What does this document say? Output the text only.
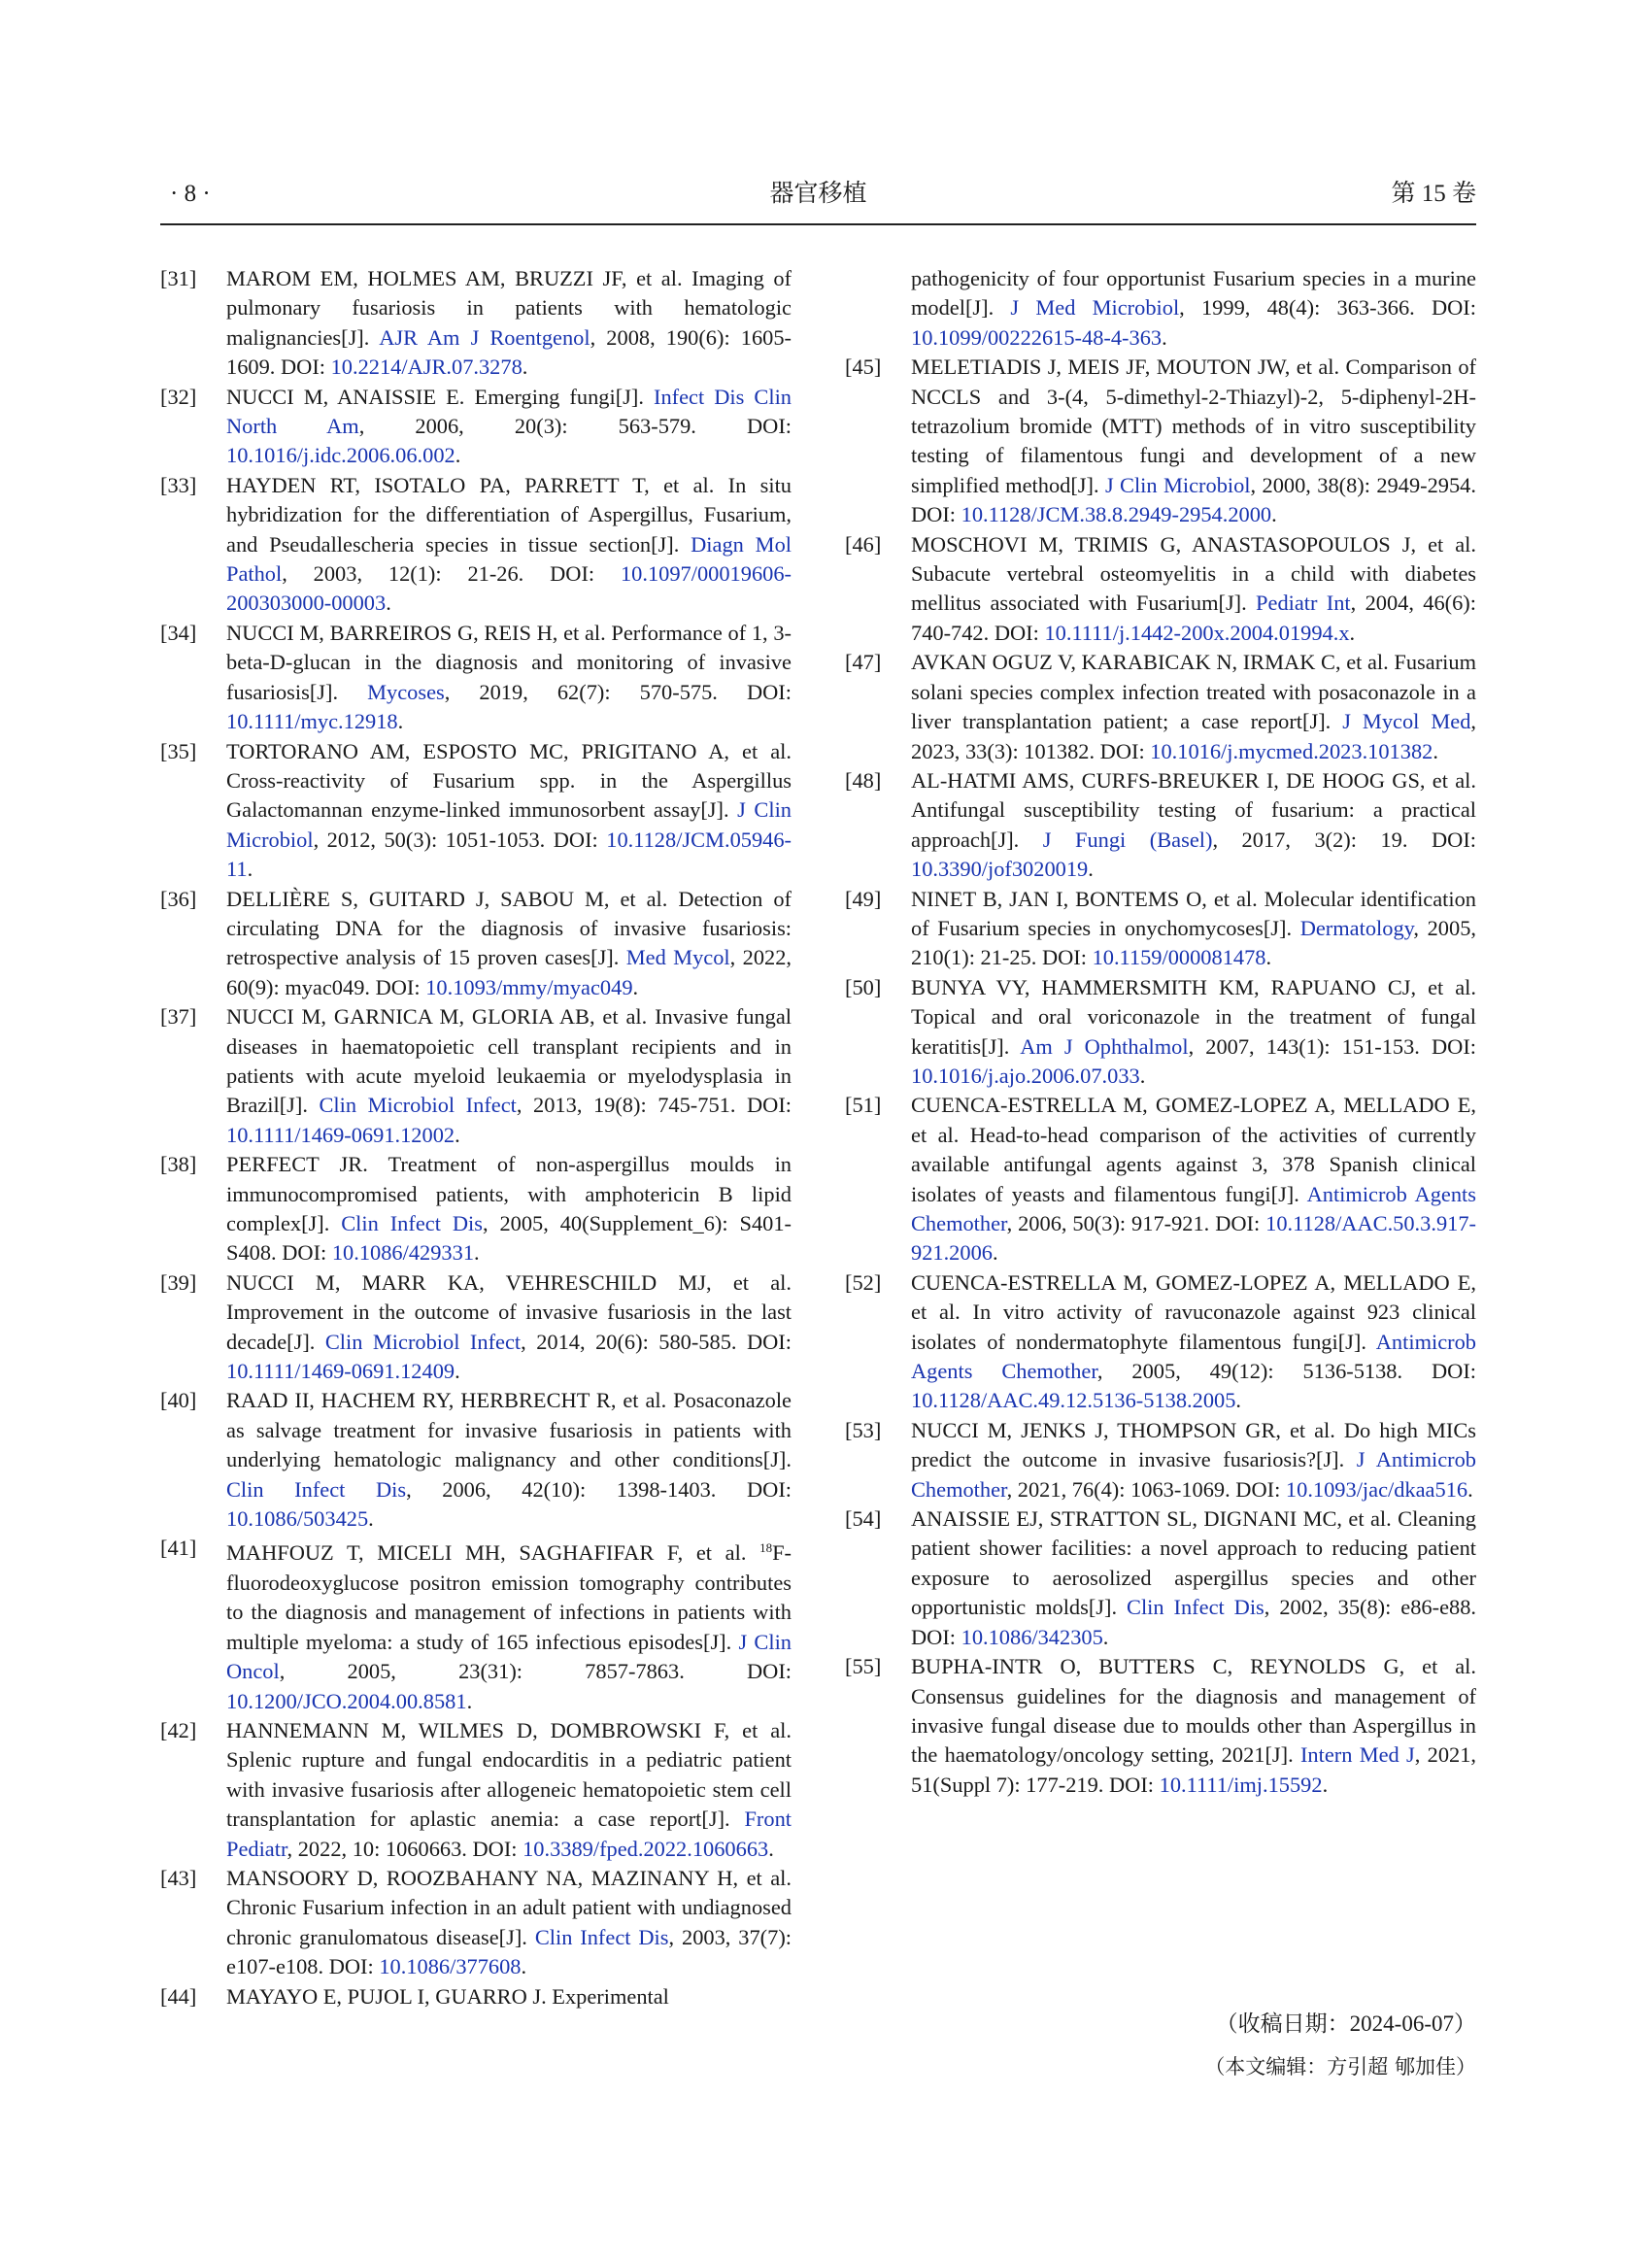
· 8 ·	器官移植	第 15 卷
[31] MAROM EM, HOLMES AM, BRUZZI JF, et al. Imaging of pulmonary fusariosis in patients with hematologic malignancies[J]. AJR Am J Roentgenol, 2008, 190(6): 1605-1609. DOI: 10.2214/AJR.07.3278.
[32] NUCCI M, ANAISSIE E. Emerging fungi[J]. Infect Dis Clin North Am, 2006, 20(3): 563-579. DOI: 10.1016/j.idc.2006.06.002.
[33] HAYDEN RT, ISOTALO PA, PARRETT T, et al. In situ hybridization for the differentiation of Aspergillus, Fusarium, and Pseudallescheria species in tissue section[J]. Diagn Mol Pathol, 2003, 12(1): 21-26. DOI: 10.1097/00019606-200303000-00003.
[34] NUCCI M, BARREIROS G, REIS H, et al. Performance of 1, 3-beta-D-glucan in the diagnosis and monitoring of invasive fusariosis[J]. Mycoses, 2019, 62(7): 570-575. DOI: 10.1111/myc.12918.
[35] TORTORANO AM, ESPOSTO MC, PRIGITANO A, et al. Cross-reactivity of Fusarium spp. in the Aspergillus Galactomannan enzyme-linked immunosorbent assay[J]. J Clin Microbiol, 2012, 50(3): 1051-1053. DOI: 10.1128/JCM.05946-11.
[36] DELLIÈRE S, GUITARD J, SABOU M, et al. Detection of circulating DNA for the diagnosis of invasive fusariosis: retrospective analysis of 15 proven cases[J]. Med Mycol, 2022, 60(9): myac049. DOI: 10.1093/mmy/myac049.
[37] NUCCI M, GARNICA M, GLORIA AB, et al. Invasive fungal diseases in haematopoietic cell transplant recipients and in patients with acute myeloid leukaemia or myelodysplasia in Brazil[J]. Clin Microbiol Infect, 2013, 19(8): 745-751. DOI: 10.1111/1469-0691.12002.
[38] PERFECT JR. Treatment of non-aspergillus moulds in immunocompromised patients, with amphotericin B lipid complex[J]. Clin Infect Dis, 2005, 40(Supplement_6): S401-S408. DOI: 10.1086/429331.
[39] NUCCI M, MARR KA, VEHRESCHILD MJ, et al. Improvement in the outcome of invasive fusariosis in the last decade[J]. Clin Microbiol Infect, 2014, 20(6): 580-585. DOI: 10.1111/1469-0691.12409.
[40] RAAD II, HACHEM RY, HERBRECHT R, et al. Posaconazole as salvage treatment for invasive fusariosis in patients with underlying hematologic malignancy and other conditions[J]. Clin Infect Dis, 2006, 42(10): 1398-1403. DOI: 10.1086/503425.
[41] MAHFOUZ T, MICELI MH, SAGHAFIFAR F, et al. $^{18}$F-fluorodeoxyglucose positron emission tomography contributes to the diagnosis and management of infections in patients with multiple myeloma: a study of 165 infectious episodes[J]. J Clin Oncol, 2005, 23(31): 7857-7863. DOI: 10.1200/JCO.2004.00.8581.
[42] HANNEMANN M, WILMES D, DOMBROWSKI F, et al. Splenic rupture and fungal endocarditis in a pediatric patient with invasive fusariosis after allogeneic hematopoietic stem cell transplantation for aplastic anemia: a case report[J]. Front Pediatr, 2022, 10: 1060663. DOI: 10.3389/fped.2022.1060663.
[43] MANSOORY D, ROOZBAHANY NA, MAZINANY H, et al. Chronic Fusarium infection in an adult patient with undiagnosed chronic granulomatous disease[J]. Clin Infect Dis, 2003, 37(7): e107-e108. DOI: 10.1086/377608.
[44] MAYAYO E, PUJOL I, GUARRO J. Experimental
pathogenicity of four opportunist Fusarium species in a murine model[J]. J Med Microbiol, 1999, 48(4): 363-366. DOI: 10.1099/00222615-48-4-363.
[45] MELETIADIS J, MEIS JF, MOUTON JW, et al. Comparison of NCCLS and 3-(4, 5-dimethyl-2-Thiazyl)-2, 5-diphenyl-2H-tetrazolium bromide (MTT) methods of in vitro susceptibility testing of filamentous fungi and development of a new simplified method[J]. J Clin Microbiol, 2000, 38(8): 2949-2954. DOI: 10.1128/JCM.38.8.2949-2954.2000.
[46] MOSCHOVI M, TRIMIS G, ANASTASOPOULOS J, et al. Subacute vertebral osteomyelitis in a child with diabetes mellitus associated with Fusarium[J]. Pediatr Int, 2004, 46(6): 740-742. DOI: 10.1111/j.1442-200x.2004.01994.x.
[47] AVKAN OGUZ V, KARABICAK N, IRMAK C, et al. Fusarium solani species complex infection treated with posaconazole in a liver transplantation patient; a case report[J]. J Mycol Med, 2023, 33(3): 101382. DOI: 10.1016/j.mycmed.2023.101382.
[48] AL-HATMI AMS, CURFS-BREUKER I, DE HOOG GS, et al. Antifungal susceptibility testing of fusarium: a practical approach[J]. J Fungi (Basel), 2017, 3(2): 19. DOI: 10.3390/jof3020019.
[49] NINET B, JAN I, BONTEMS O, et al. Molecular identification of Fusarium species in onychomycoses[J]. Dermatology, 2005, 210(1): 21-25. DOI: 10.1159/000081478.
[50] BUNYA VY, HAMMERSMITH KM, RAPUANO CJ, et al. Topical and oral voriconazole in the treatment of fungal keratitis[J]. Am J Ophthalmol, 2007, 143(1): 151-153. DOI: 10.1016/j.ajo.2006.07.033.
[51] CUENCA-ESTRELLA M, GOMEZ-LOPEZ A, MELLADO E, et al. Head-to-head comparison of the activities of currently available antifungal agents against 3, 378 Spanish clinical isolates of yeasts and filamentous fungi[J]. Antimicrob Agents Chemother, 2006, 50(3): 917-921. DOI: 10.1128/AAC.50.3.917-921.2006.
[52] CUENCA-ESTRELLA M, GOMEZ-LOPEZ A, MELLADO E, et al. In vitro activity of ravuconazole against 923 clinical isolates of nondermatophyte filamentous fungi[J]. Antimicrob Agents Chemother, 2005, 49(12): 5136-5138. DOI: 10.1128/AAC.49.12.5136-5138.2005.
[53] NUCCI M, JENKS J, THOMPSON GR, et al. Do high MICs predict the outcome in invasive fusariosis?[J]. J Antimicrob Chemother, 2021, 76(4): 1063-1069. DOI: 10.1093/jac/dkaa516.
[54] ANAISSIE EJ, STRATTON SL, DIGNANI MC, et al. Cleaning patient shower facilities: a novel approach to reducing patient exposure to aerosolized aspergillus species and other opportunistic molds[J]. Clin Infect Dis, 2002, 35(8): e86-e88. DOI: 10.1086/342305.
[55] BUPHA-INTR O, BUTTERS C, REYNOLDS G, et al. Consensus guidelines for the diagnosis and management of invasive fungal disease due to moulds other than Aspergillus in the haematology/oncology setting, 2021[J]. Intern Med J, 2021, 51(Suppl 7): 177-219. DOI: 10.1111/imj.15592.
（收稿日期：2024-06-07）
（本文编辑：方引超 郇加佳）
